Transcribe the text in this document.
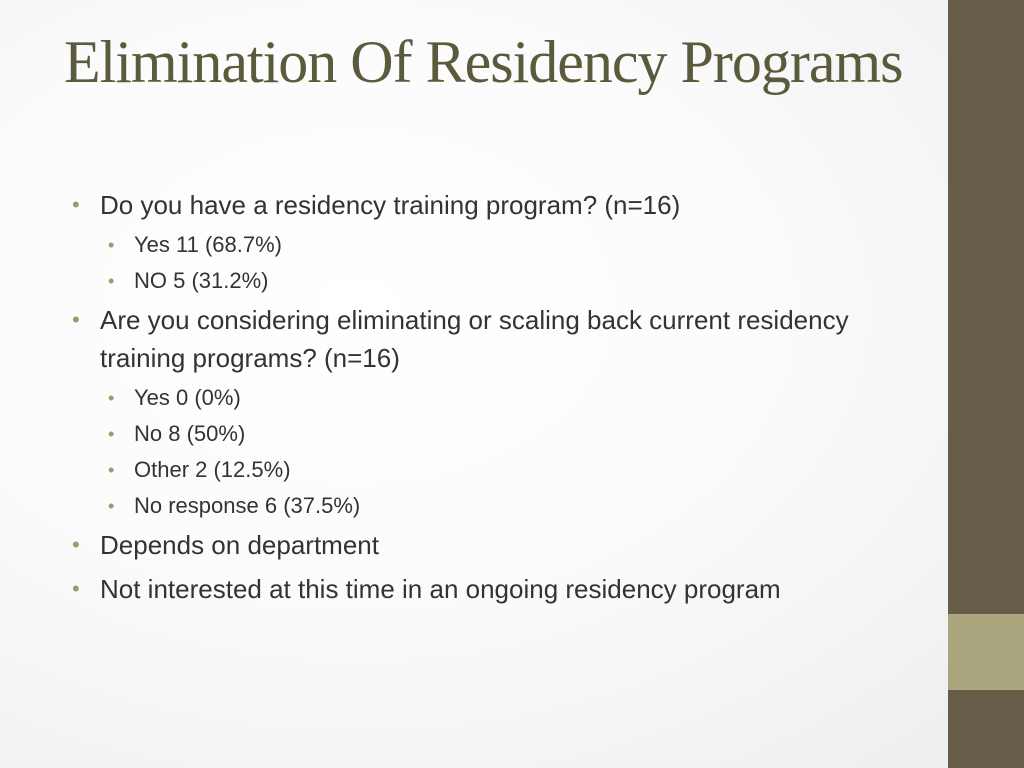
Elimination Of Residency Programs
• Do you have a residency training program? (n=16)
• Yes 11 (68.7%)
• NO 5 (31.2%)
• Are you considering eliminating or scaling back current residency training programs? (n=16)
• Yes 0 (0%)
• No 8 (50%)
• Other 2 (12.5%)
• No response 6 (37.5%)
• Depends on department
• Not interested at this time in an ongoing residency program
